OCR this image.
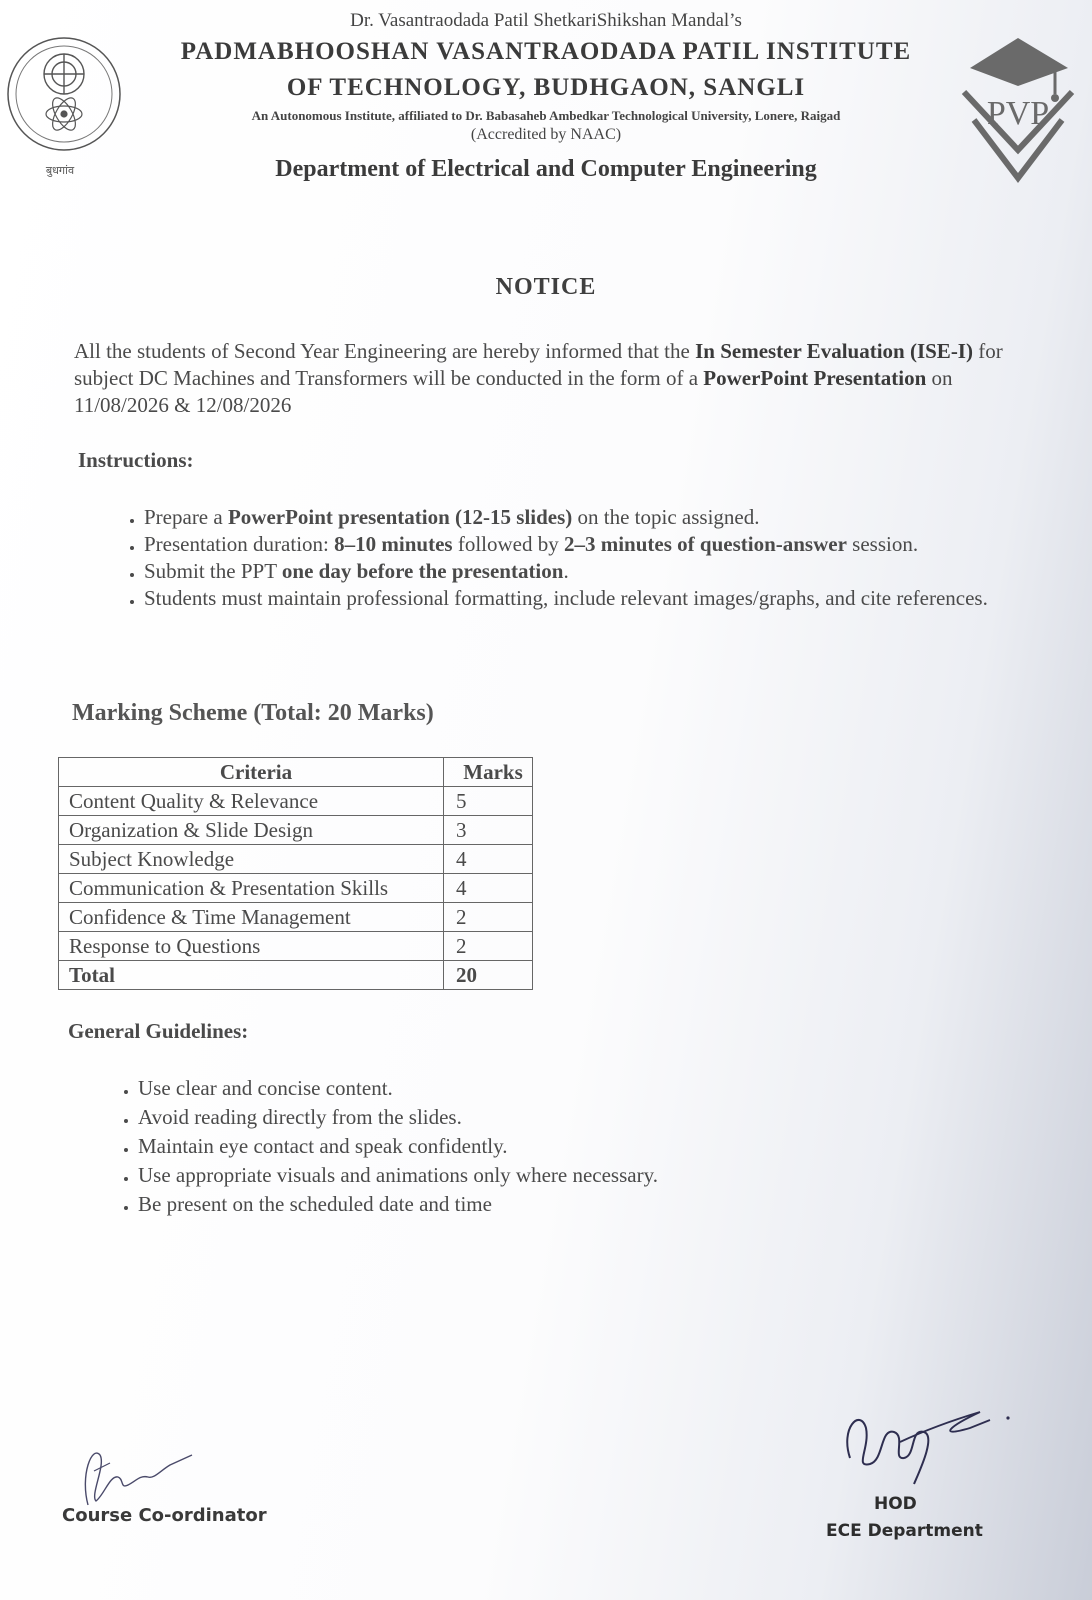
बुधगांव
Dr. Vasantraodada Patil ShetkariShikshan Mandal’s
PADMABHOOSHAN VASANTRAODADA PATIL INSTITUTE
OF TECHNOLOGY, BUDHGAON, SANGLI
An Autonomous Institute, affiliated to Dr. Babasaheb Ambedkar Technological University, Lonere, Raigad
(Accredited by NAAC)
Department of Electrical and Computer Engineering
PVP
NOTICE
All the students of Second Year Engineering are hereby informed that the In Semester Evaluation (ISE-I) for subject DC Machines and Transformers will be conducted in the form of a PowerPoint Presentation on 11/08/2026 & 12/08/2026
Instructions:
• Prepare a PowerPoint presentation (12-15 slides) on the topic assigned.
• Presentation duration: 8–10 minutes followed by 2–3 minutes of question-answer session.
• Submit the PPT one day before the presentation.
• Students must maintain professional formatting, include relevant images/graphs, and cite references.
Marking Scheme (Total: 20 Marks)
Criteria	Marks
Content Quality & Relevance	5
Organization & Slide Design	3
Subject Knowledge	4
Communication & Presentation Skills	4
Confidence & Time Management	2
Response to Questions	2
Total	20
General Guidelines:
• Use clear and concise content.
• Avoid reading directly from the slides.
• Maintain eye contact and speak confidently.
• Use appropriate visuals and animations only where necessary.
• Be present on the scheduled date and time
Course Co-ordinator
HOD
ECE Department
